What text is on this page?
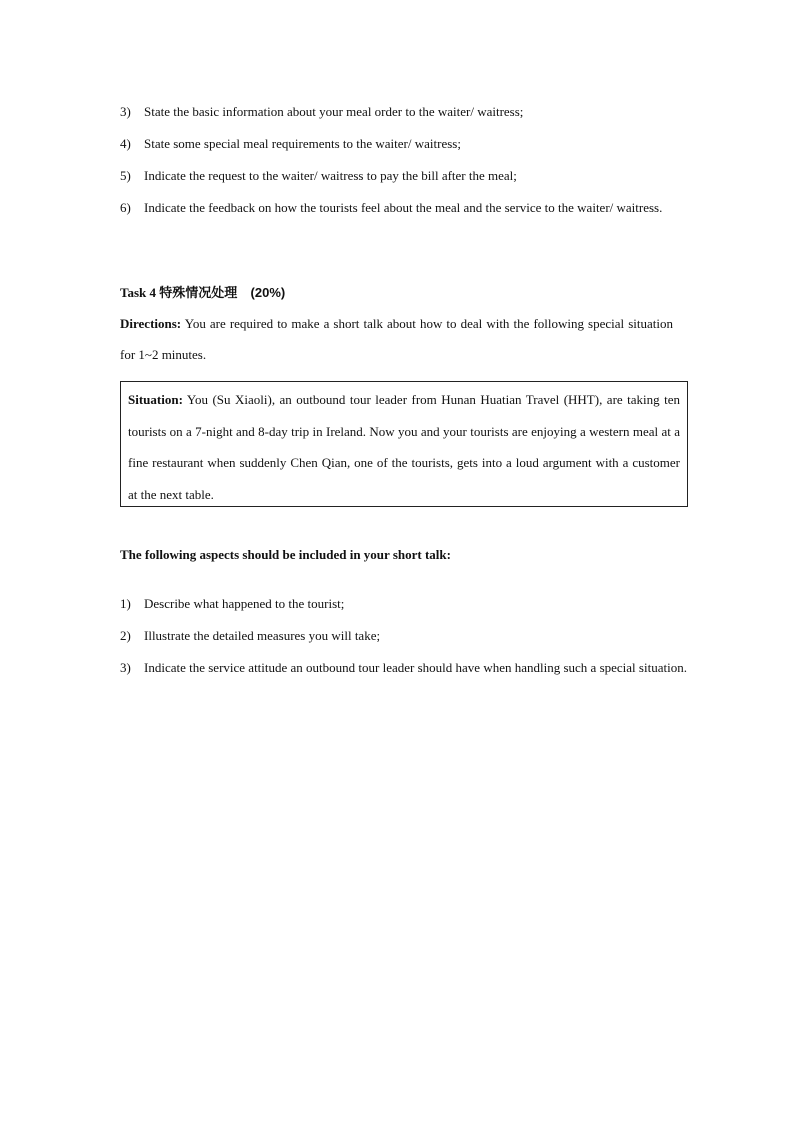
3) State the basic information about your meal order to the waiter/ waitress;
4) State some special meal requirements to the waiter/ waitress;
5) Indicate the request to the waiter/ waitress to pay the bill after the meal;
6) Indicate the feedback on how the tourists feel about the meal and the service to the waiter/ waitress.
Task 4 特殊情况处理 (20%)

Directions: You are required to make a short talk about how to deal with the following special situation for 1~2 minutes.

Situation: You (Su Xiaoli), an outbound tour leader from Hunan Huatian Travel (HHT), are taking ten tourists on a 7-night and 8-day trip in Ireland. Now you and your tourists are enjoying a western meal at a fine restaurant when suddenly Chen Qian, one of the tourists, gets into a loud argument with a customer at the next table.

The following aspects should be included in your short talk:

1) Describe what happened to the tourist;
2) Illustrate the detailed measures you will take;
3) Indicate the service attitude an outbound tour leader should have when handling such a special situation.
